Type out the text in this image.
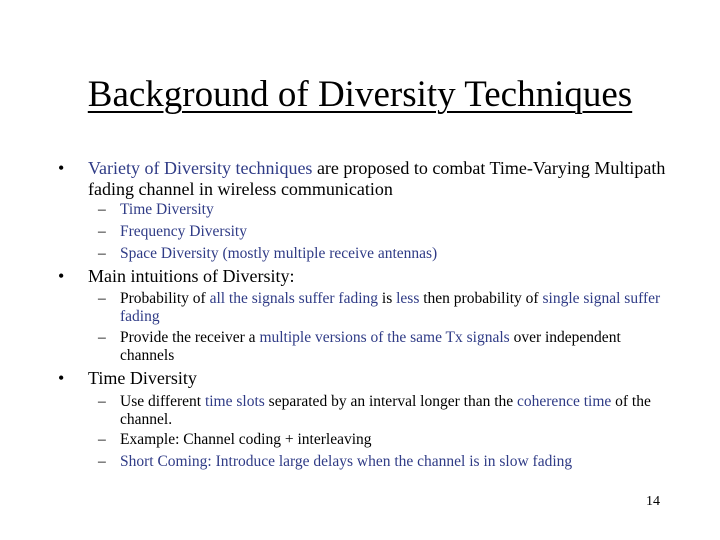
Background of Diversity Techniques
• Variety of Diversity techniques are proposed to combat Time-Varying Multipath fading channel in wireless communication
– Time Diversity
– Frequency Diversity
– Space Diversity (mostly multiple receive antennas)
• Main intuitions of Diversity:
– Probability of all the signals suffer fading is less then probability of single signal suffer fading
– Provide the receiver a multiple versions of the same Tx signals over independent channels
• Time Diversity
– Use different time slots separated by an interval longer than the coherence time of the channel.
– Example: Channel coding + interleaving
– Short Coming: Introduce large delays when the channel is in slow fading
14
